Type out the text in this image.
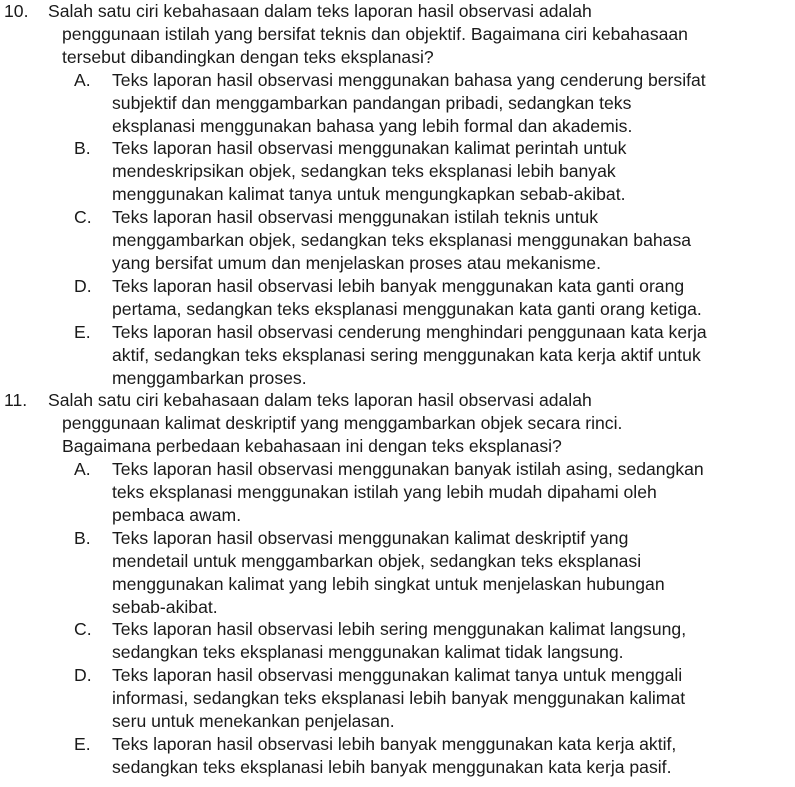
10.	Salah satu ciri kebahasaan dalam teks laporan hasil observasi adalah
penggunaan istilah yang bersifat teknis dan objektif. Bagaimana ciri kebahasaan
tersebut dibandingkan dengan teks eksplanasi?
A.	Teks laporan hasil observasi menggunakan bahasa yang cenderung bersifat
subjektif dan menggambarkan pandangan pribadi, sedangkan teks
eksplanasi menggunakan bahasa yang lebih formal dan akademis.
B.	Teks laporan hasil observasi menggunakan kalimat perintah untuk
mendeskripsikan objek, sedangkan teks eksplanasi lebih banyak
menggunakan kalimat tanya untuk mengungkapkan sebab-akibat.
C.	Teks laporan hasil observasi menggunakan istilah teknis untuk
menggambarkan objek, sedangkan teks eksplanasi menggunakan bahasa
yang bersifat umum dan menjelaskan proses atau mekanisme.
D.	Teks laporan hasil observasi lebih banyak menggunakan kata ganti orang
pertama, sedangkan teks eksplanasi menggunakan kata ganti orang ketiga.
E.	Teks laporan hasil observasi cenderung menghindari penggunaan kata kerja
aktif, sedangkan teks eksplanasi sering menggunakan kata kerja aktif untuk
menggambarkan proses.
11.	Salah satu ciri kebahasaan dalam teks laporan hasil observasi adalah
penggunaan kalimat deskriptif yang menggambarkan objek secara rinci.
Bagaimana perbedaan kebahasaan ini dengan teks eksplanasi?
A.	Teks laporan hasil observasi menggunakan banyak istilah asing, sedangkan
teks eksplanasi menggunakan istilah yang lebih mudah dipahami oleh
pembaca awam.
B.	Teks laporan hasil observasi menggunakan kalimat deskriptif yang
mendetail untuk menggambarkan objek, sedangkan teks eksplanasi
menggunakan kalimat yang lebih singkat untuk menjelaskan hubungan
sebab-akibat.
C.	Teks laporan hasil observasi lebih sering menggunakan kalimat langsung,
sedangkan teks eksplanasi menggunakan kalimat tidak langsung.
D.	Teks laporan hasil observasi menggunakan kalimat tanya untuk menggali
informasi, sedangkan teks eksplanasi lebih banyak menggunakan kalimat
seru untuk menekankan penjelasan.
E.	Teks laporan hasil observasi lebih banyak menggunakan kata kerja aktif,
sedangkan teks eksplanasi lebih banyak menggunakan kata kerja pasif.
